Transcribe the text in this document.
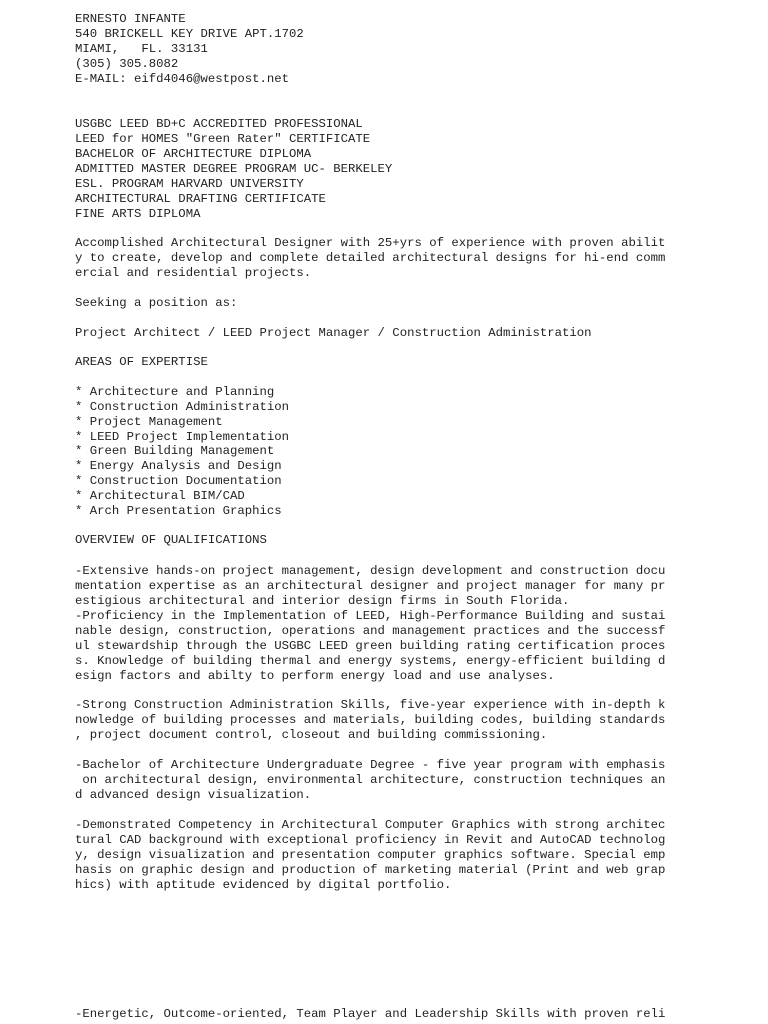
ERNESTO INFANTE
540 BRICKELL KEY DRIVE APT.1702
MIAMI,   FL. 33131
(305) 305.8082
E-MAIL: eifd4046@westpost.net
USGBC LEED BD+C ACCREDITED PROFESSIONAL
LEED for HOMES "Green Rater" CERTIFICATE
BACHELOR OF ARCHITECTURE DIPLOMA
ADMITTED MASTER DEGREE PROGRAM UC- BERKELEY
ESL. PROGRAM HARVARD UNIVERSITY
ARCHITECTURAL DRAFTING CERTIFICATE
FINE ARTS DIPLOMA
Accomplished Architectural Designer with 25+yrs of experience with proven abilit
y to create, develop and complete detailed architectural designs for hi-end comm
ercial and residential projects.
Seeking a position as:
Project Architect / LEED Project Manager / Construction Administration
AREAS OF EXPERTISE
* Architecture and Planning
* Construction Administration
* Project Management
* LEED Project Implementation
* Green Building Management
* Energy Analysis and Design
* Construction Documentation
* Architectural BIM/CAD
* Arch Presentation Graphics
OVERVIEW OF QUALIFICATIONS
-Extensive hands-on project management, design development and construction docu
mentation expertise as an architectural designer and project manager for many pr
estigious architectural and interior design firms in South Florida.
-Proficiency in the Implementation of LEED, High-Performance Building and sustai
nable design, construction, operations and management practices and the successf
ul stewardship through the USGBC LEED green building rating certification proces
s. Knowledge of building thermal and energy systems, energy-efficient building d
esign factors and abilty to perform energy load and use analyses.
-Strong Construction Administration Skills, five-year experience with in-depth k
nowledge of building processes and materials, building codes, building standards
, project document control, closeout and building commissioning.
-Bachelor of Architecture Undergraduate Degree - five year program with emphasis
on architectural design, environmental architecture, construction techniques an
d advanced design visualization.
-Demonstrated Competency in Architectural Computer Graphics with strong architec
tural CAD background with exceptional proficiency in Revit and AutoCAD technolog
y, design visualization and presentation computer graphics software. Special emp
hasis on graphic design and production of marketing material (Print and web grap
hics) with aptitude evidenced by digital portfolio.
-Energetic, Outcome-oriented, Team Player and Leadership Skills with proven reli
